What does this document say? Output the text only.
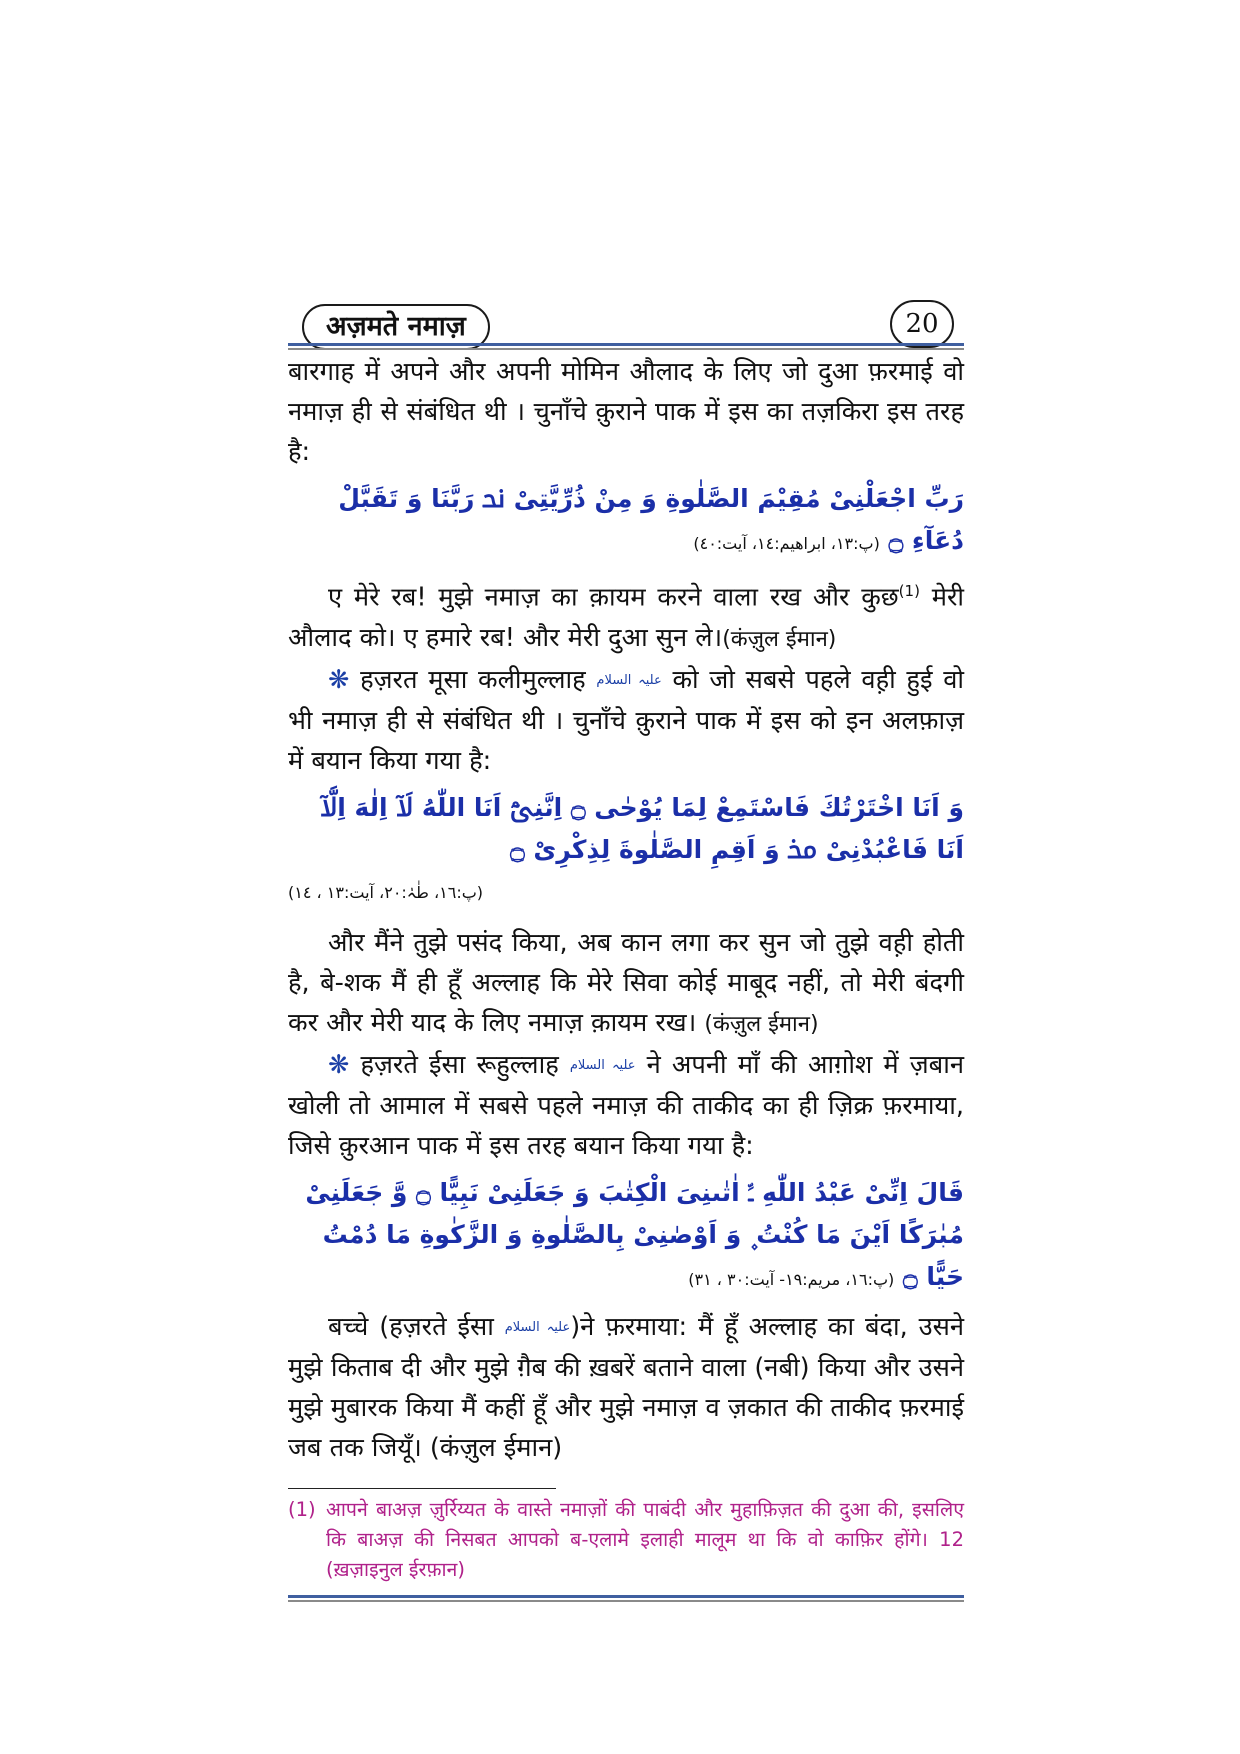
अज़मते नमाज़	20

बारगाह में अपने और अपनी मोमिन औलाद के लिए जो दुआ फ़रमाई वो नमाज़ ही से संबंधित थी । चुनाँचे क़ुराने पाक में इस का तज़किरा इस तरह है:

رَبِّ اجْعَلْنِیْ مُقِیْمَ الصَّلٰوةِ وَ مِنْ ذُرِّیَّتِیْ ﳓ رَبَّنَا وَ تَقَبَّلْ دُعَآءِ ۝ (پ:۱۳، ابراھیم:۱٤، آیت:٤۰)

ए मेरे रब! मुझे नमाज़ का क़ायम करने वाला रख और कुछ$^{(1)}$ मेरी औलाद को। ए हमारे रब! और मेरी दुआ सुन ले।(कंज़ुल ईमान)

❋ हज़रत मूसा कलीमुल्लाह علیہ السلام को जो सबसे पहले वह़ी हुई वो भी नमाज़ ही से संबंधित थी । चुनाँचे क़ुराने पाक में इस को इन अलफ़ाज़ में बयान किया गया है:

وَ اَنَا اخْتَرْتُكَ فَاسْتَمِعْ لِمَا یُوْحٰى ۝ اِنَّنِیْۤ اَنَا اللّٰهُ لَاۤ اِلٰهَ اِلَّاۤ اَنَا فَاعْبُدْنِیْ ﳐ وَ اَقِمِ الصَّلٰوةَ لِذِكْرِیْ ۝
(پ:۱٦، طٰہٰ:۲۰، آیت:۱۳ ، ۱٤)

और मैंने तुझे पसंद किया, अब कान लगा कर सुन जो तुझे वह़ी होती है, बे-शक मैं ही हूँ अल्लाह कि मेरे सिवा कोई माबूद नहीं, तो मेरी बंदगी कर और मेरी याद के लिए नमाज़ क़ायम रख। (कंज़ुल ईमान)

❋ हज़रते ईसा रूहुल्लाह علیہ السلام ने अपनी माँ की आग़ोश में ज़बान खोली तो आमाल में सबसे पहले नमाज़ की ताकीद का ही ज़िक्र फ़रमाया, जिसे क़ुरआन पाक में इस तरह बयान किया गया है:

قَالَ اِنِّیْ عَبْدُ اللّٰهِ ﳴ اٰتٰىنِیَ الْكِتٰبَ وَ جَعَلَنِیْ نَبِیًّا ۝ وَّ جَعَلَنِیْ مُبٰرَكًا اَیْنَ مَا كُنْتُ ۪ وَ اَوْصٰنِیْ بِالصَّلٰوةِ وَ الزَّكٰوةِ مَا دُمْتُ حَیًّا ۝ (پ:۱٦، مریم:۱۹- آیت:۳۰ ، ۳۱)

बच्चे (हज़रते ईसा علیہ السلام)ने फ़रमाया: मैं हूँ अल्लाह का बंदा, उसने मुझे किताब दी और मुझे ग़ैब की ख़बरें बताने वाला (नबी) किया और उसने मुझे मुबारक किया मैं कहीं हूँ और मुझे नमाज़ व ज़कात की ताकीद फ़रमाई जब तक जियूँ। (कंज़ुल ईमान)

(1) आपने बाअज़ ज़ुर्रिय्यत के वास्ते नमाज़ों की पाबंदी और मुहाफ़िज़त की दुआ की, इसलिए कि बाअज़ की निसबत आपको ब-एलामे इलाही मालूम था कि वो काफ़िर होंगे। 12 (ख़ज़ाइनुल ईरफ़ान)
